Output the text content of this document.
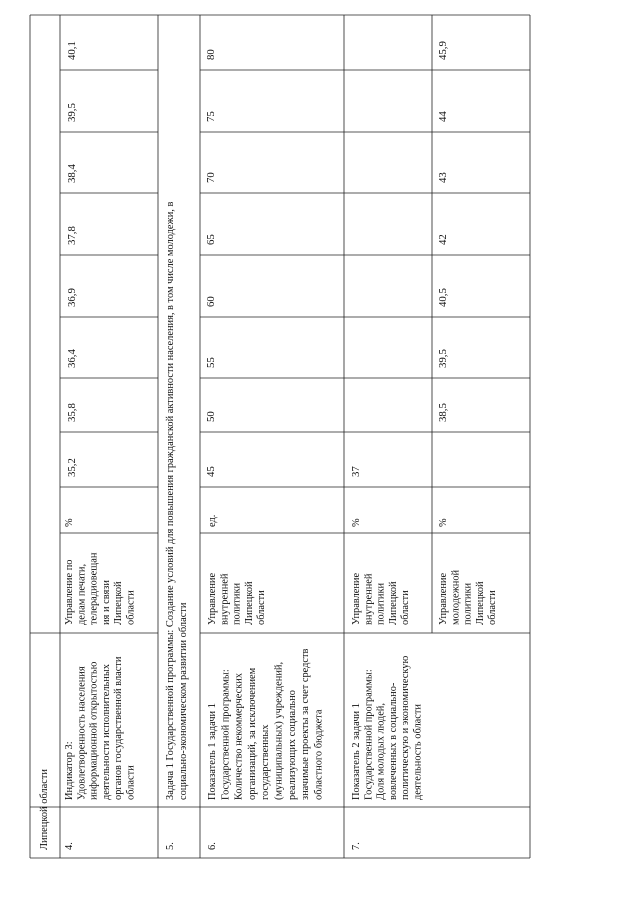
Липецкой области 4.
Индикатор 3: Удовлетворенность населения информационной открытостью деятельности исполнительных органов государственной власти области
Управление по делам печати, телерадиовещан ия и связи Липецкой области
%
5.
Задача 1 Государственной программы: Создание условий для повышения гражданской активности населения, в том числе молодежи, в социально-экономическом развитии области
6.
Показатель 1 задачи 1 Государственной программы: Количество некоммерческих организаций, за исключением государственных (муниципальных) учреждений, реализующих социально значимые проекты за счет средств областного бюджета
Управление внутренней политики Липецкой области
ед.
7.
Показатель 2 задачи 1 Государственной программы: Доля молодых людей, вовлеченных в социально- политическую и экономическую деятельность области
Управление внутренней политики Липецкой области
%
Управление молодежной политики Липецкой области
%
35,2
35,8
36,4
36,9
37,8
38,4
39,5
40,1
45
50
55
60
65
70
75
80
37
38,5
39,5
40,5
42
43
44
45,9
